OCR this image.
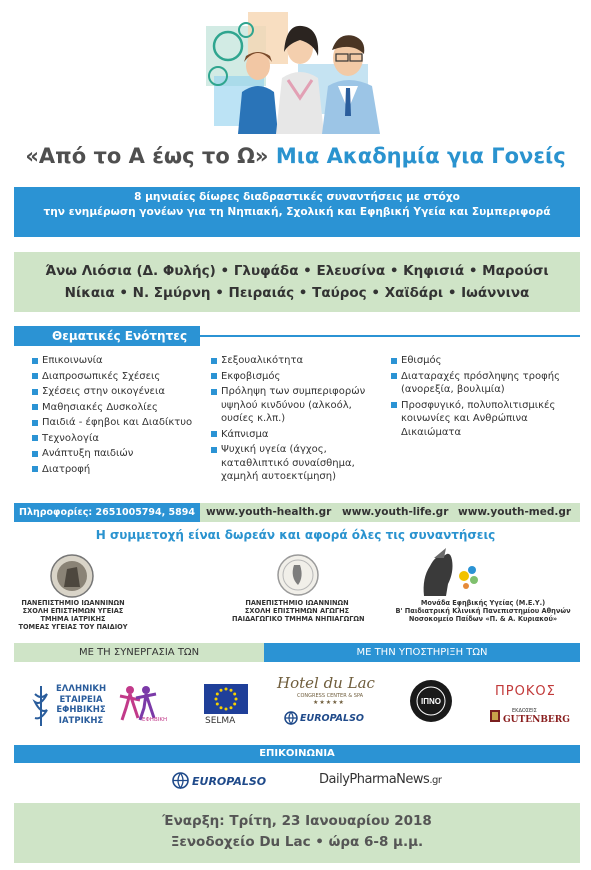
«Από το Α έως το Ω» Μια Ακαδημία για Γονείς
8 μηνιαίες δίωρες διαδραστικές συναντήσεις με στόχο
την ενημέρωση γονέων για τη Νηπιακή, Σχολική και Εφηβική Υγεία και Συμπεριφορά
Άνω Λιόσια (Δ. Φυλής) • Γλυφάδα • Ελευσίνα • Κηφισιά • Μαρούσι
Νίκαια • Ν. Σμύρνη • Πειραιάς • Ταύρος • Χαϊδάρι • Ιωάννινα
Θεματικές Ενότητες
Επικοινωνία
Διαπροσωπικές Σχέσεις
Σχέσεις στην οικογένεια
Μαθησιακές Δυσκολίες
Παιδιά - έφηβοι και Διαδίκτυο
Τεχνολογία
Ανάπτυξη παιδιών
Διατροφή
Σεξουαλικότητα
Εκφοβισμός
Πρόληψη των συμπεριφορών υψηλού κινδύνου (αλκοόλ, ουσίες κ.λπ.)
Κάπνισμα
Ψυχική υγεία (άγχος, καταθλιπτικό συναίσθημα, χαμηλή αυτοεκτίμηση)
Εθισμός
Διαταραχές πρόσληψης τροφής (ανορεξία, βουλιμία)
Προσφυγικό, πολυπολιτισμικές κοινωνίες και Ανθρώπινα Δικαιώματα
Πληροφορίες: 2651005794, 5894	www.youth-health.gr www.youth-life.gr www.youth-med.gr
Η συμμετοχή είναι δωρεάν και αφορά όλες τις συναντήσεις
ΠΑΝΕΠΙΣΤΗΜΙΟ ΙΩΑΝΝΙΝΩΝ
ΣΧΟΛΗ ΕΠΙΣΤΗΜΩΝ ΥΓΕΙΑΣ
ΤΜΗΜΑ ΙΑΤΡΙΚΗΣ
ΤΟΜΕΑΣ ΥΓΕΙΑΣ ΤΟΥ ΠΑΙΔΙΟΥ
ΠΑΝΕΠΙΣΤΗΜΙΟ ΙΩΑΝΝΙΝΩΝ
ΣΧΟΛΗ ΕΠΙΣΤΗΜΩΝ ΑΓΩΓΗΣ
ΠΑΙΔΑΓΩΓΙΚΟ ΤΜΗΜΑ ΝΗΠΙΑΓΩΓΩΝ
Μονάδα Εφηβικής Υγείας (Μ.Ε.Υ.)
Β' Παιδιατρική Κλινική Πανεπιστημίου Αθηνών
Νοσοκομείο Παίδων «Π. & Α. Κυριακού»
ΜΕ ΤΗ ΣΥΝΕΡΓΑΣΙΑ ΤΩΝ	ΜΕ ΤΗΝ ΥΠΟΣΤΗΡΙΞΗ ΤΩΝ
ΕΛΛΗΝΙΚΗ
ΕΤΑΙΡΕΙΑ
ΕΦΗΒΙΚΗΣ
ΙΑΤΡΙΚΗΣ	ΕΦΗΒΙΚΗ	SELMA
Hotel du Lac
CONGRESS CENTER & SPA
★★★★★
EUROPALSO
ΙΠΝΟ
ΠΡΟΚΟΣ
ΕΚΔΟΣΕΙΣ
GUTENBERG
ΕΠΙΚΟΙΝΩΝΙΑ
EUROPALSO	DailyPharmaNews.gr
Έναρξη: Τρίτη, 23 Ιανουαρίου 2018
Ξενοδοχείο Du Lac • ώρα 6-8 μ.μ.
